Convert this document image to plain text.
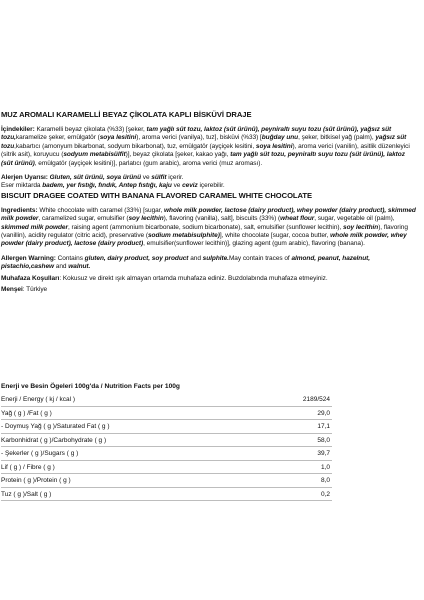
MUZ AROMALI KARAMELLİ BEYAZ ÇİKOLATA KAPLI BİSKÜVİ DRAJE

İçindekiler: Karamelli beyaz çikolata (%33) [şeker, tam yağlı süt tozu, laktoz (süt ürünü), peyniraltı suyu tozu (süt ürünü), yağsız süt tozu,karamelize şeker, emülgatör (soya lesitini), aroma verici (vanilya), tuz], bisküvi (%33) [buğday unu, şeker, bitkisel yağ (palm), yağsız süt tozu,kabartıcı (amonyum bikarbonat, sodyum bikarbonat), tuz, emülgatör (ayçiçek lesitini, soya lesitini), aroma verici (vanilin), asitlik düzenleyici (sitrik asit), koruyucu (sodyum metabisülfit)], beyaz çikolata [şeker, kakao yağı, tam yağlı süt tozu, peyniraltı suyu tozu (süt ürünü), laktoz (süt ürünü), emülgatör (ayçiçek lesitini)], parlatıcı (gum arabic), aroma verici (muz aroması).

Alerjen Uyarısı: Gluten, süt ürünü, soya ürünü ve sülfit içerir.

Eser miktarda badem, yer fıstığı, fındık, Antep fıstığı, kaju ve ceviz içerebilir.

BISCUIT DRAGEE COATED WITH BANANA FLAVORED CARAMEL WHITE CHOCOLATE

Ingredients: White chocolate with caramel (33%) [sugar, whole milk powder, lactose (dairy product), whey powder (dairy product), skimmed milk powder, caramelized sugar, emulsifier (soy lecithin), flavoring (vanilla), salt], biscuits (33%) (wheat flour, sugar, vegetable oil (palm), skimmed milk powder, raising agent (ammonium bicarbonate, sodium bicarbonate), salt, emulsifier (sunflower lecithin), soy lecithin), flavoring (vanillin), acidity regulator (citric acid), preservative (sodium metabisulphite)], white chocolate [sugar, cocoa butter, whole milk powder, whey powder (dairy product), lactose (dairy product), emulsifier(sunflower lecithin)], glazing agent (gum arabic), flavoring (banana).

Allergen Warning: Contains gluten, dairy product, soy product and sulphite.May contain traces of almond, peanut, hazelnut, pistachio,cashew and walnut.

Muhafaza Koşulları: Kokusuz ve direkt ışık almayan ortamda muhafaza ediniz. Buzdolabında muhafaza etmeyiniz.

Menşei: Türkiye

Enerji ve Besin Ögeleri 100g'da / Nutrition Facts per 100g
Enerji / Energy ( kj / kcal )	2189/524
Yağ ( g ) /Fat ( g )	29,0
- Doymuş Yağ ( g )/Saturated Fat ( g )	17,1
Karbonhidrat ( g )/Carbohydrate ( g )	58,0
- Şekerler ( g )/Sugars ( g )	39,7
Lif ( g ) / Fibre ( g )	1,0
Protein ( g )/Protein ( g )	8,0
Tuz ( g )/Salt ( g )	0,2
